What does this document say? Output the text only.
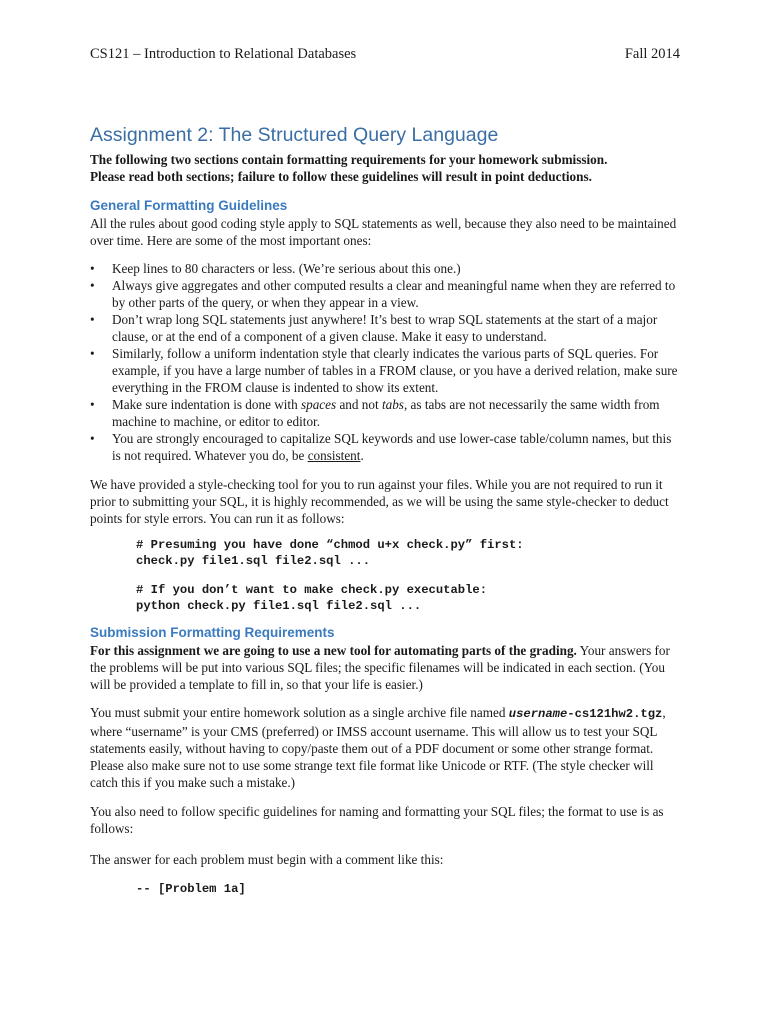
CS121 – Introduction to Relational Databases	Fall 2014
Assignment 2: The Structured Query Language

The following two sections contain formatting requirements for your homework submission.

Please read both sections; failure to follow these guidelines will result in point deductions.

General Formatting Guidelines

All the rules about good coding style apply to SQL statements as well, because they also need to be maintained over time. Here are some of the most important ones:

• Keep lines to 80 characters or less. (We’re serious about this one.)
• Always give aggregates and other computed results a clear and meaningful name when they are referred to by other parts of the query, or when they appear in a view.
• Don’t wrap long SQL statements just anywhere! It’s best to wrap SQL statements at the start of a major clause, or at the end of a component of a given clause. Make it easy to understand.
• Similarly, follow a uniform indentation style that clearly indicates the various parts of SQL queries. For example, if you have a large number of tables in a FROM clause, or you have a derived relation, make sure everything in the FROM clause is indented to show its extent.
• Make sure indentation is done with spaces and not tabs, as tabs are not necessarily the same width from machine to machine, or editor to editor.
• You are strongly encouraged to capitalize SQL keywords and use lower-case table/column names, but this is not required. Whatever you do, be consistent.

We have provided a style-checking tool for you to run against your files. While you are not required to run it prior to submitting your SQL, it is highly recommended, as we will be using the same style-checker to deduct points for style errors. You can run it as follows:

# Presuming you have done “chmod u+x check.py” first:
check.py file1.sql file2.sql ...
# If you don’t want to make check.py executable:
python check.py file1.sql file2.sql ...
Submission Formatting Requirements

For this assignment we are going to use a new tool for automating parts of the grading. Your answers for the problems will be put into various SQL files; the specific filenames will be indicated in each section. (You will be provided a template to fill in, so that your life is easier.)

You must submit your entire homework solution as a single archive file named username-cs121hw2.tgz, where “username” is your CMS (preferred) or IMSS account username. This will allow us to test your SQL statements easily, without having to copy/paste them out of a PDF document or some other strange format. Please also make sure not to use some strange text file format like Unicode or RTF. (The style checker will catch this if you make such a mistake.)

You also need to follow specific guidelines for naming and formatting your SQL files; the format to use is as follows:

The answer for each problem must begin with a comment like this:

-- [Problem 1a]
